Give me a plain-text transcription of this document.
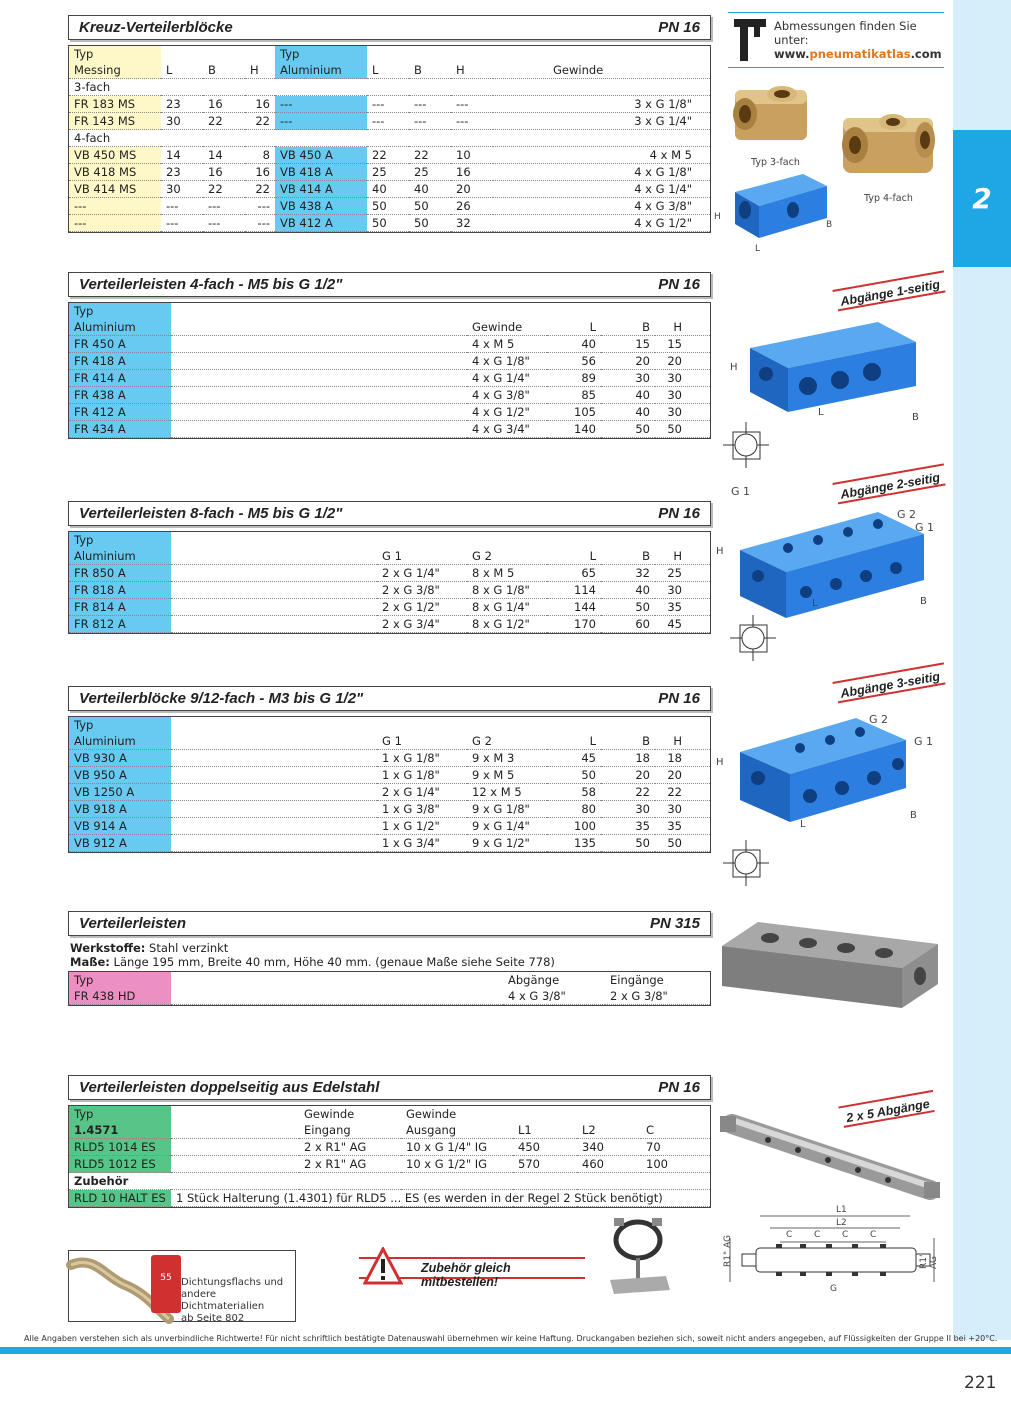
2
Abmessungen finden Sie
unter:
www.pneumatikatlas.com
Kreuz-Verteilerblöcke	PN 16
Typ				Typ				
Messing	L	B	H	Aluminium	L	B	H	Gewinde
3-fach								
FR 183 MS	23	16	16	---	---	---	---	3 x G 1/8"
FR 143 MS	30	22	22	---	---	---	---	3 x G 1/4"
4-fach								
VB 450 MS	14	14	8	VB 450 A	22	22	10	4 x M 5
VB 418 MS	23	16	16	VB 418 A	25	25	16	4 x G 1/8"
VB 414 MS	30	22	22	VB 414 A	40	40	20	4 x G 1/4"
---	---	---	---	VB 438 A	50	50	26	4 x G 3/8"
---	---	---	---	VB 412 A	50	50	32	4 x G 1/2"
Typ 3-fach
Typ 4-fach
H
L
B
Verteilerleisten 4-fach - M5 bis G 1/2"	PN 16
Typ					
Aluminium		Gewinde	L	B	H
FR 450 A		4 x M 5	40	15	15
FR 418 A		4 x G 1/8"	56	20	20
FR 414 A		4 x G 1/4"	89	30	30
FR 438 A		4 x G 3/8"	85	40	30
FR 412 A		4 x G 1/2"	105	40	30
FR 434 A		4 x G 3/4"	140	50	50
Abgänge 1-seitig
H
L	B
Verteilerleisten 8-fach - M5 bis G 1/2"	PN 16
Typ						
Aluminium		G 1	G 2	L	B	H
FR 850 A		2 x G 1/4"	8 x M 5	65	32	25
FR 818 A		2 x G 3/8"	8 x G 1/8"	114	40	30
FR 814 A		2 x G 1/2"	8 x G 1/4"	144	50	35
FR 812 A		2 x G 3/4"	8 x G 1/2"	170	60	45
G 1	Abgänge 2-seitig
G 2
G 1
H
L	B
Verteilerblöcke 9/12-fach - M3 bis G 1/2"	PN 16
Typ						
Aluminium		G 1	G 2	L	B	H
VB 930 A		1 x G 1/8"	9 x M 3	45	18	18
VB 950 A		1 x G 1/8"	9 x M 5	50	20	20
VB 1250 A		2 x G 1/4"	12 x M 5	58	22	22
VB 918 A		1 x G 3/8"	9 x G 1/8"	80	30	30
VB 914 A		1 x G 1/2"	9 x G 1/4"	100	35	35
VB 912 A		1 x G 3/4"	9 x G 1/2"	135	50	50
Abgänge 3-seitig
G 2
G 1
H
L
B
Verteilerleisten	PN 315
Werkstoffe: Stahl verzinkt
Maße: Länge 195 mm, Breite 40 mm, Höhe 40 mm. (genaue Maße siehe Seite 778)
Typ		Abgänge	Eingänge
FR 438 HD		4 x G 3/8"	2 x G 3/8"
Verteilerleisten doppelseitig aus Edelstahl	PN 16
Typ		Gewinde	Gewinde			
1.4571		Eingang	Ausgang	L1	L2	C
RLD5 1014 ES		2 x R1" AG	10 x G 1/4" IG	450	340	70
RLD5 1012 ES		2 x R1" AG	10 x G 1/2" IG	570	460	100
Zubehör						
RLD 10 HALT ES	1 Stück Halterung (1.4301) für RLD5 ... ES (es werden in der Regel 2 Stück benötigt)					
2 x 5 Abgänge
L1
L2
C C C C
G
R1" AG	R1" AG
55 Dichtungsflachs und
andere Dichtmaterialien
ab Seite 802
Zubehör gleich mitbestellen!
Alle Angaben verstehen sich als unverbindliche Richtwerte! Für nicht schriftlich bestätigte Datenauswahl übernehmen wir keine Haftung. Druckangaben beziehen sich, soweit nicht anders angegeben, auf Flüssigkeiten der Gruppe II bei +20°C.
221
